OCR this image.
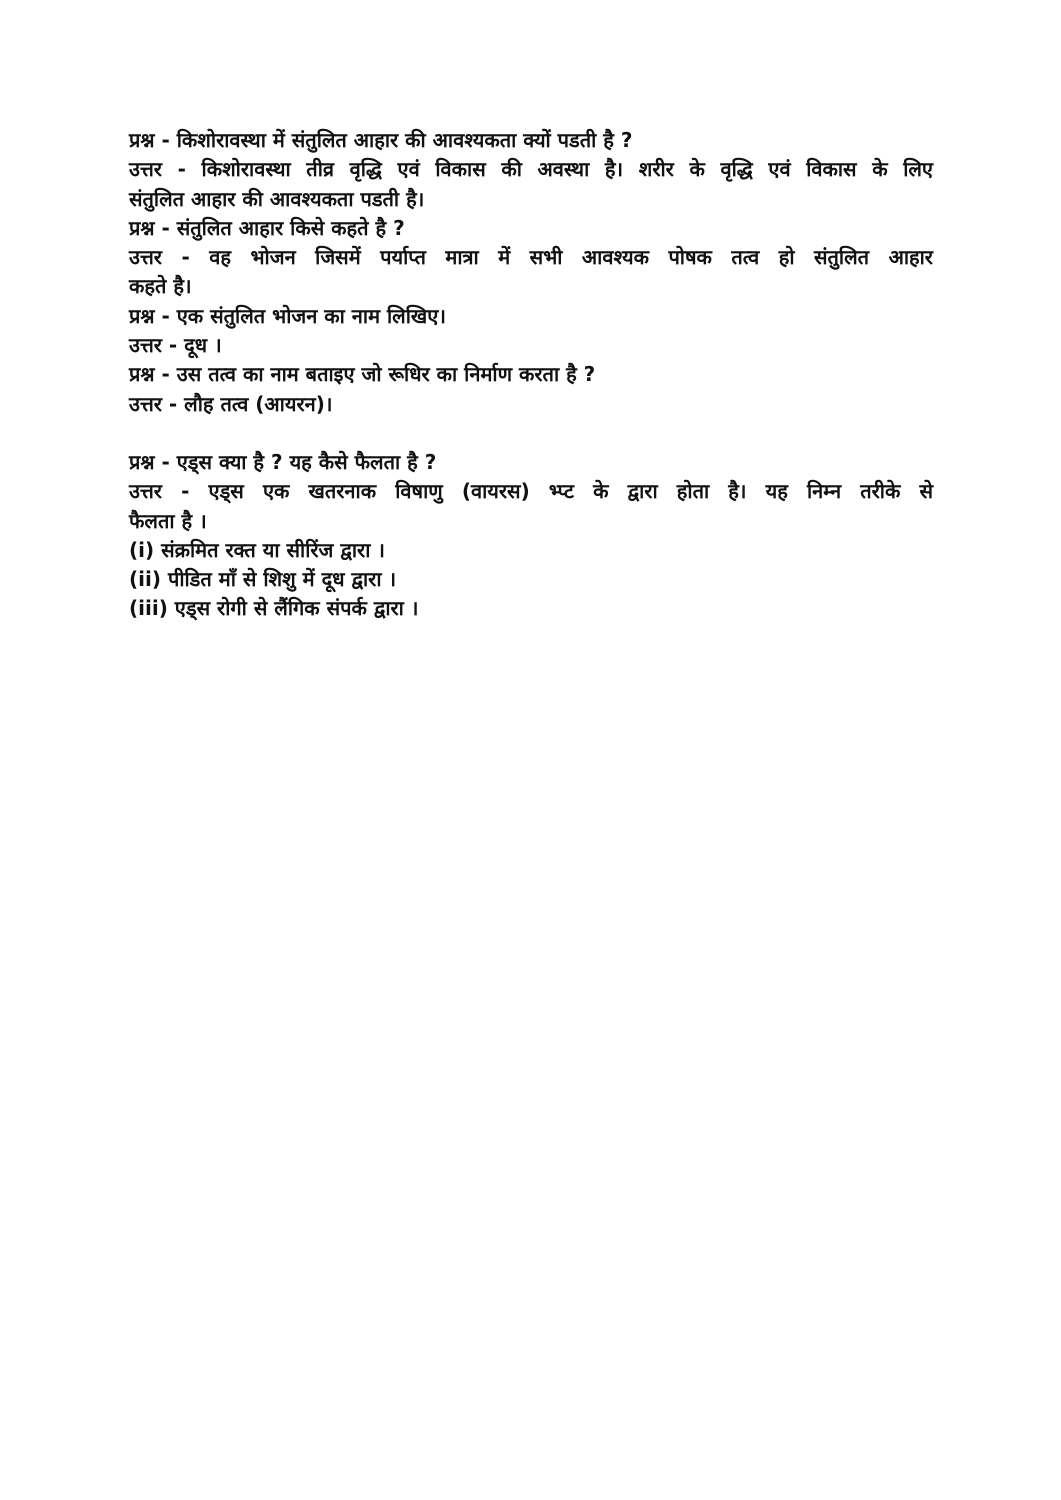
प्रश्न - किशोरावस्था में संतुलित आहार की आवश्यकता क्यों पडती है ?

उत्तर - किशोरावस्था तीव्र वृद्धि एवं विकास की अवस्था है। शरीर के वृद्धि एवं विकास के लिए

संतुलित आहार की आवश्यकता पडती है।

प्रश्न - संतुलित आहार किसे कहते है ?

उत्तर - वह भोजन जिसमें पर्याप्त मात्रा में सभी आवश्यक पोषक तत्व हो संतुलित आहार

कहते है।

प्रश्न - एक संतुलित भोजन का नाम लिखिए।

उत्तर - दूध ।

प्रश्न - उस तत्व का नाम बताइए जो रूधिर का निर्माण करता है ?

उत्तर - लौह तत्व (आयरन)।

प्रश्न - एड्स क्या है ? यह कैसे फैलता है ?

उत्तर - एड्स एक खतरनाक विषाणु (वायरस) भ्प्ट के द्वारा होता है। यह निम्न तरीके से

फैलता है ।

(i) संक्रमित रक्त या सीरिंज द्वारा ।

(ii) पीडित माँ से शिशु में दूध द्वारा ।

(iii) एड्स रोगी से लैंगिक संपर्क द्वारा ।
